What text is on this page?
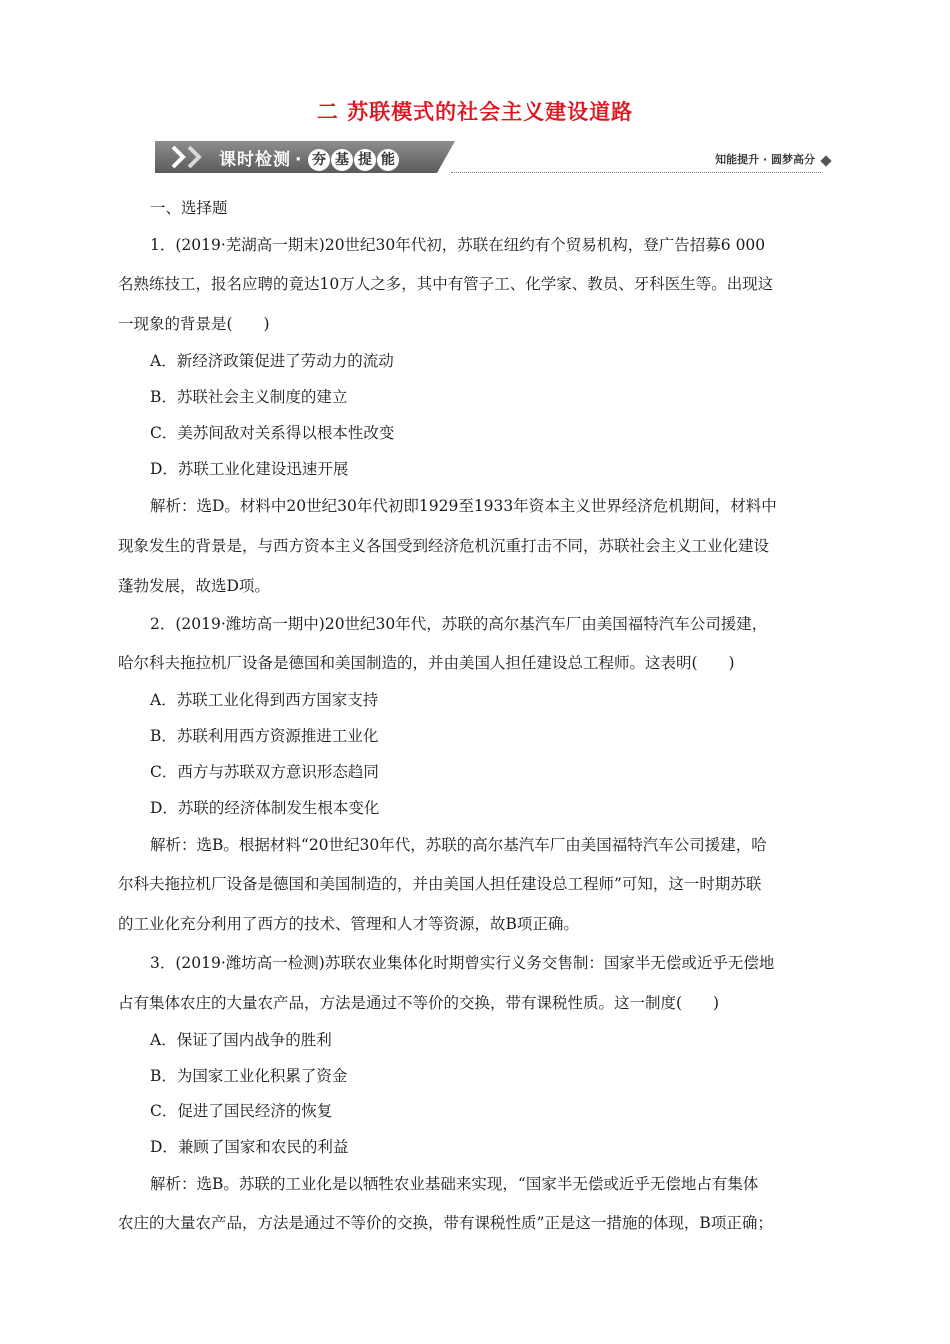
二 苏联模式的社会主义建设道路
课时检测 · 夯 基 提 能	知能提升 · 圆梦高分
一、选择题
1．(2019·芜湖高一期末)20世纪30年代初，苏联在纽约有个贸易机构，登广告招募6 000
名熟练技工，报名应聘的竟达10万人之多，其中有管子工、化学家、教员、牙科医生等。出现这
一现象的背景是(　　)
A．新经济政策促进了劳动力的流动
B．苏联社会主义制度的建立
C．美苏间敌对关系得以根本性改变
D．苏联工业化建设迅速开展
解析：选D。材料中20世纪30年代初即1929至1933年资本主义世界经济危机期间，材料中
现象发生的背景是，与西方资本主义各国受到经济危机沉重打击不同，苏联社会主义工业化建设
蓬勃发展，故选D项。
2．(2019·潍坊高一期中)20世纪30年代，苏联的高尔基汽车厂由美国福特汽车公司援建，
哈尔科夫拖拉机厂设备是德国和美国制造的，并由美国人担任建设总工程师。这表明(　　)
A．苏联工业化得到西方国家支持
B．苏联利用西方资源推进工业化
C．西方与苏联双方意识形态趋同
D．苏联的经济体制发生根本变化
解析：选B。根据材料“20世纪30年代，苏联的高尔基汽车厂由美国福特汽车公司援建，哈
尔科夫拖拉机厂设备是德国和美国制造的，并由美国人担任建设总工程师”可知，这一时期苏联
的工业化充分利用了西方的技术、管理和人才等资源，故B项正确。
3．(2019·潍坊高一检测)苏联农业集体化时期曾实行义务交售制：国家半无偿或近乎无偿地
占有集体农庄的大量农产品，方法是通过不等价的交换，带有课税性质。这一制度(　　)
A．保证了国内战争的胜利
B．为国家工业化积累了资金
C．促进了国民经济的恢复
D．兼顾了国家和农民的利益
解析：选B。苏联的工业化是以牺牲农业基础来实现，“国家半无偿或近乎无偿地占有集体
农庄的大量农产品，方法是通过不等价的交换，带有课税性质”正是这一措施的体现，B项正确；
